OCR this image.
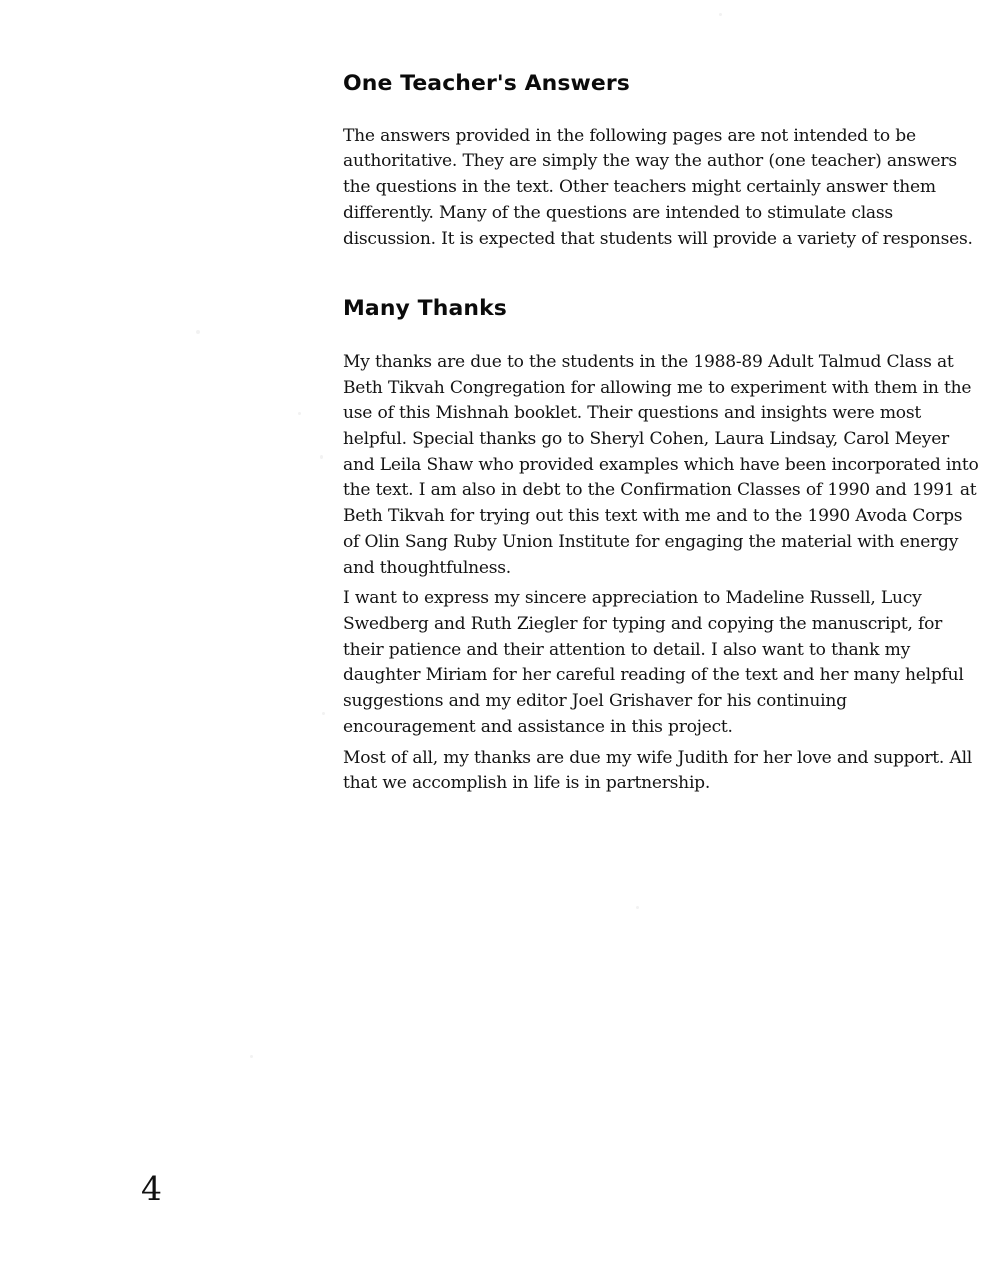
One Teacher's Answers

The answers provided in the following pages are not intended to be authoritative. They are simply the way the author (one teacher) answers the questions in the text. Other teachers might certainly answer them differently. Many of the questions are intended to stimulate class discussion. It is expected that students will provide a variety of responses.

Many Thanks

My thanks are due to the students in the 1988-89 Adult Talmud Class at Beth Tikvah Congregation for allowing me to experiment with them in the use of this Mishnah booklet. Their questions and insights were most helpful. Special thanks go to Sheryl Cohen, Laura Lindsay, Carol Meyer and Leila Shaw who provided examples which have been incorporated into the text. I am also in debt to the Confirmation Classes of 1990 and 1991 at Beth Tikvah for trying out this text with me and to the 1990 Avoda Corps of Olin Sang Ruby Union Institute for engaging the material with energy and thoughtfulness.

I want to express my sincere appreciation to Madeline Russell, Lucy Swedberg and Ruth Ziegler for typing and copying the manuscript, for their patience and their attention to detail. I also want to thank my daughter Miriam for her careful reading of the text and her many helpful suggestions and my editor Joel Grishaver for his continuing encouragement and assistance in this project.

Most of all, my thanks are due my wife Judith for her love and support. All that we accomplish in life is in partnership.

4
